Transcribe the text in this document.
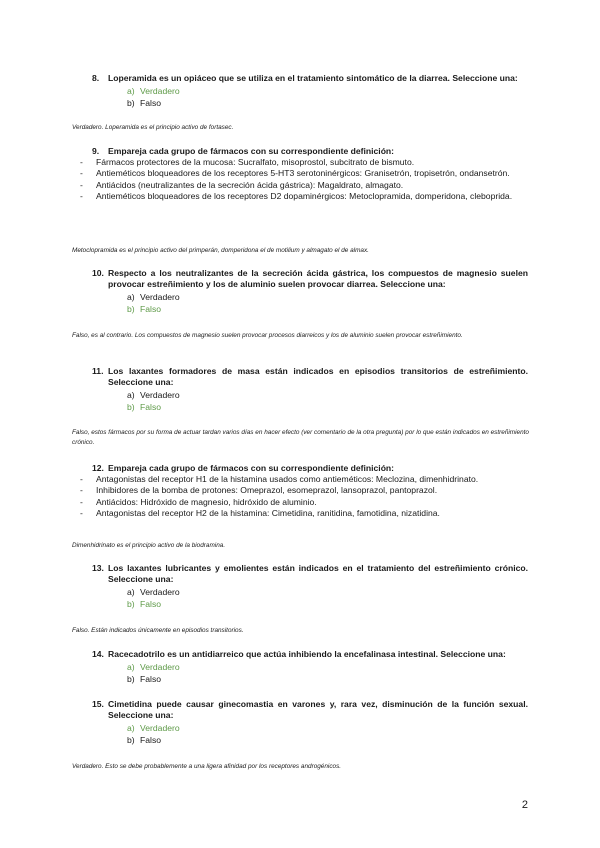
8.	Loperamida es un opiáceo que se utiliza en el tratamiento sintomático de la diarrea. Seleccione una:
a) Verdadero
b) Falso
Verdadero. Loperamida es el principio activo de fortasec.
9.	Empareja cada grupo de fármacos con su correspondiente definición:
-	Fármacos protectores de la mucosa: Sucralfato, misoprostol, subcitrato de bismuto.
-	Antieméticos bloqueadores de los receptores 5-HT3 serotoninérgicos: Granisetrón, tropisetrón, ondansetrón.
-	Antiácidos (neutralizantes de la secreción ácida gástrica): Magaldrato, almagato.
-	Antieméticos bloqueadores de los receptores D2 dopaminérgicos: Metoclopramida, domperidona, cleboprida.
Metoclopramida es el principio activo del primperán, domperidona el de motilium y almagato el de almax.
10. Respecto a los neutralizantes de la secreción ácida gástrica, los compuestos de magnesio suelen provocar estreñimiento y los de aluminio suelen provocar diarrea. Seleccione una:
a) Verdadero
b) Falso
Falso, es al contrario. Los compuestos de magnesio suelen provocar procesos diarreicos y los de aluminio suelen provocar estreñimiento.
11. Los laxantes formadores de masa están indicados en episodios transitorios de estreñimiento. Seleccione una:
a) Verdadero
b) Falso
Falso, estos fármacos por su forma de actuar tardan varios días en hacer efecto (ver comentario de la otra pregunta) por lo que están indicados en estreñimiento crónico.
12. Empareja cada grupo de fármacos con su correspondiente definición:
-	Antagonistas del receptor H1 de la histamina usados como antieméticos: Meclozina, dimenhidrinato.
-	Inhibidores de la bomba de protones: Omeprazol, esomeprazol, lansoprazol, pantoprazol.
-	Antiácidos: Hidróxido de magnesio, hidróxido de aluminio.
-	Antagonistas del receptor H2 de la histamina: Cimetidina, ranitidina, famotidina, nizatidina.
Dimenhidrinato es el principio activo de la biodramina.
13. Los laxantes lubricantes y emolientes están indicados en el tratamiento del estreñimiento crónico. Seleccione una:
a) Verdadero
b) Falso
Falso. Están indicados únicamente en episodios transitorios.
14. Racecadotrilo es un antidiarreico que actúa inhibiendo la encefalinasa intestinal. Seleccione una:
a) Verdadero
b) Falso
15. Cimetidina puede causar ginecomastia en varones y, rara vez, disminución de la función sexual. Seleccione una:
a) Verdadero
b) Falso
Verdadero. Esto se debe probablemente a una ligera afinidad por los receptores androgénicos.
2
